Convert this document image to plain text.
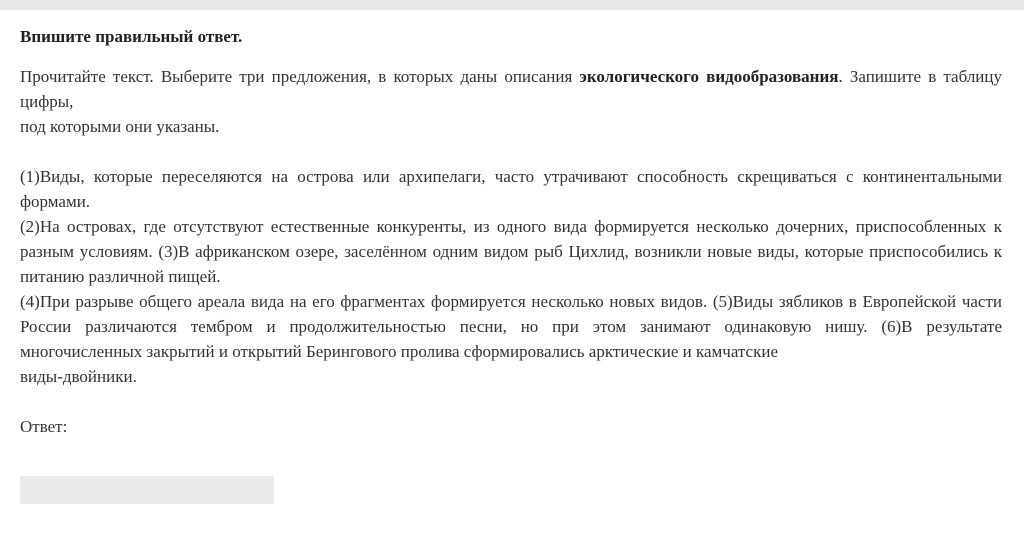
Впишите правильный ответ.
Прочитайте текст. Выберите три предложения, в которых даны описания экологического видообразования. Запишите в таблицу цифры,
под которыми они указаны.
(1)Виды, которые переселяются на острова или архипелаги, часто утрачивают способность скрещиваться с континентальными формами.
(2)На островах, где отсутствуют естественные конкуренты, из одного вида формируется несколько дочерних, приспособленных к разным условиям. (3)В африканском озере, заселённом одним видом рыб Цихлид, возникли новые виды, которые приспособились к питанию различной пищей.
(4)При разрыве общего ареала вида на его фрагментах формируется несколько новых видов. (5)Виды зябликов в Европейской части России различаются тембром и продолжительностью песни, но при этом занимают одинаковую нишу. (6)В результате многочисленных закрытий и открытий Берингового пролива сформировались арктические и камчатские
виды-двойники.
Ответ:
